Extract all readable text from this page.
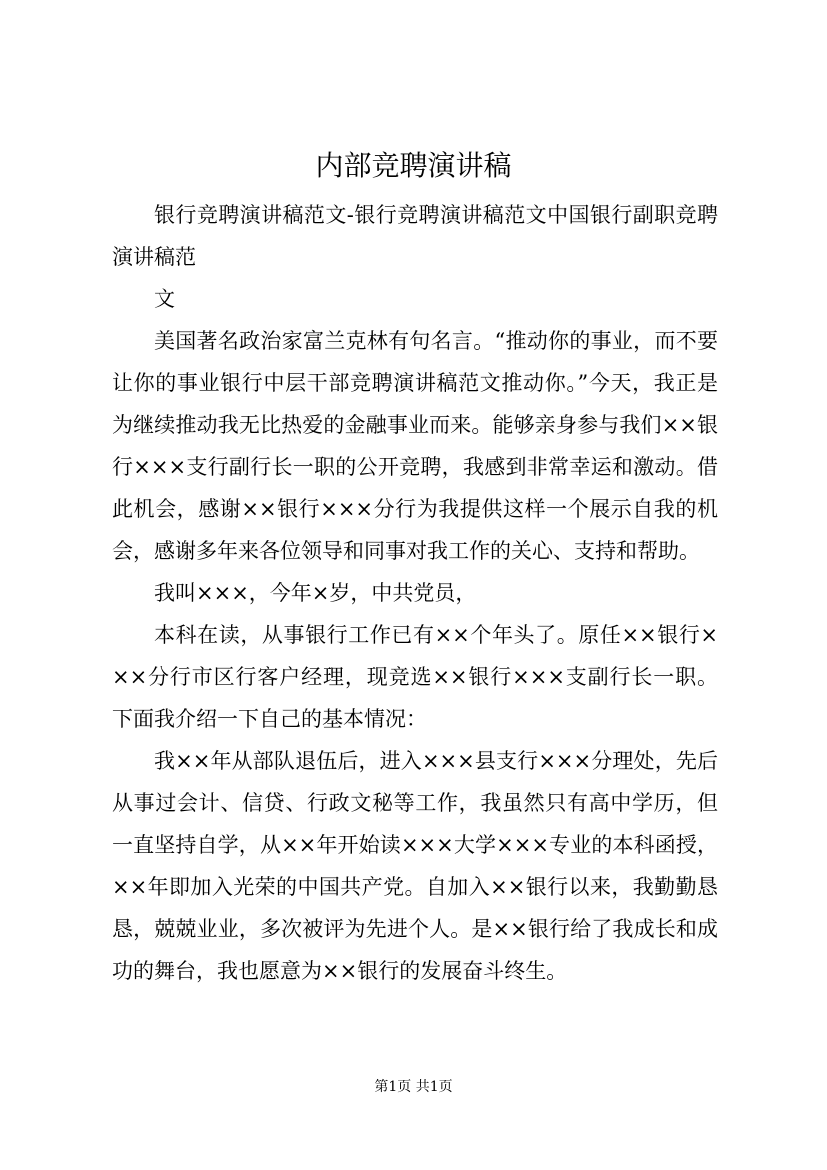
内部竞聘演讲稿

银行竞聘演讲稿范文-银行竞聘演讲稿范文中国银行副职竞聘演讲稿范

文

美国著名政治家富兰克林有句名言。“推动你的事业，而不要让你的事业银行中层干部竞聘演讲稿范文推动你。”今天，我正是为继续推动我无比热爱的金融事业而来。能够亲身参与我们××银行×××支行副行长一职的公开竞聘，我感到非常幸运和激动。借此机会，感谢××银行×××分行为我提供这样一个展示自我的机会，感谢多年来各位领导和同事对我工作的关心、支持和帮助。

我叫×××，今年×岁，中共党员，

本科在读，从事银行工作已有××个年头了。原任××银行×××分行市区行客户经理，现竞选××银行×××支副行长一职。下面我介绍一下自己的基本情况：

我××年从部队退伍后，进入×××县支行×××分理处，先后从事过会计、信贷、行政文秘等工作，我虽然只有高中学历，但一直坚持自学，从××年开始读×××大学×××专业的本科函授，××年即加入光荣的中国共产党。自加入××银行以来，我勤勤恳恳，兢兢业业，多次被评为先进个人。是××银行给了我成长和成功的舞台，我也愿意为××银行的发展奋斗终生。

第1页 共1页
